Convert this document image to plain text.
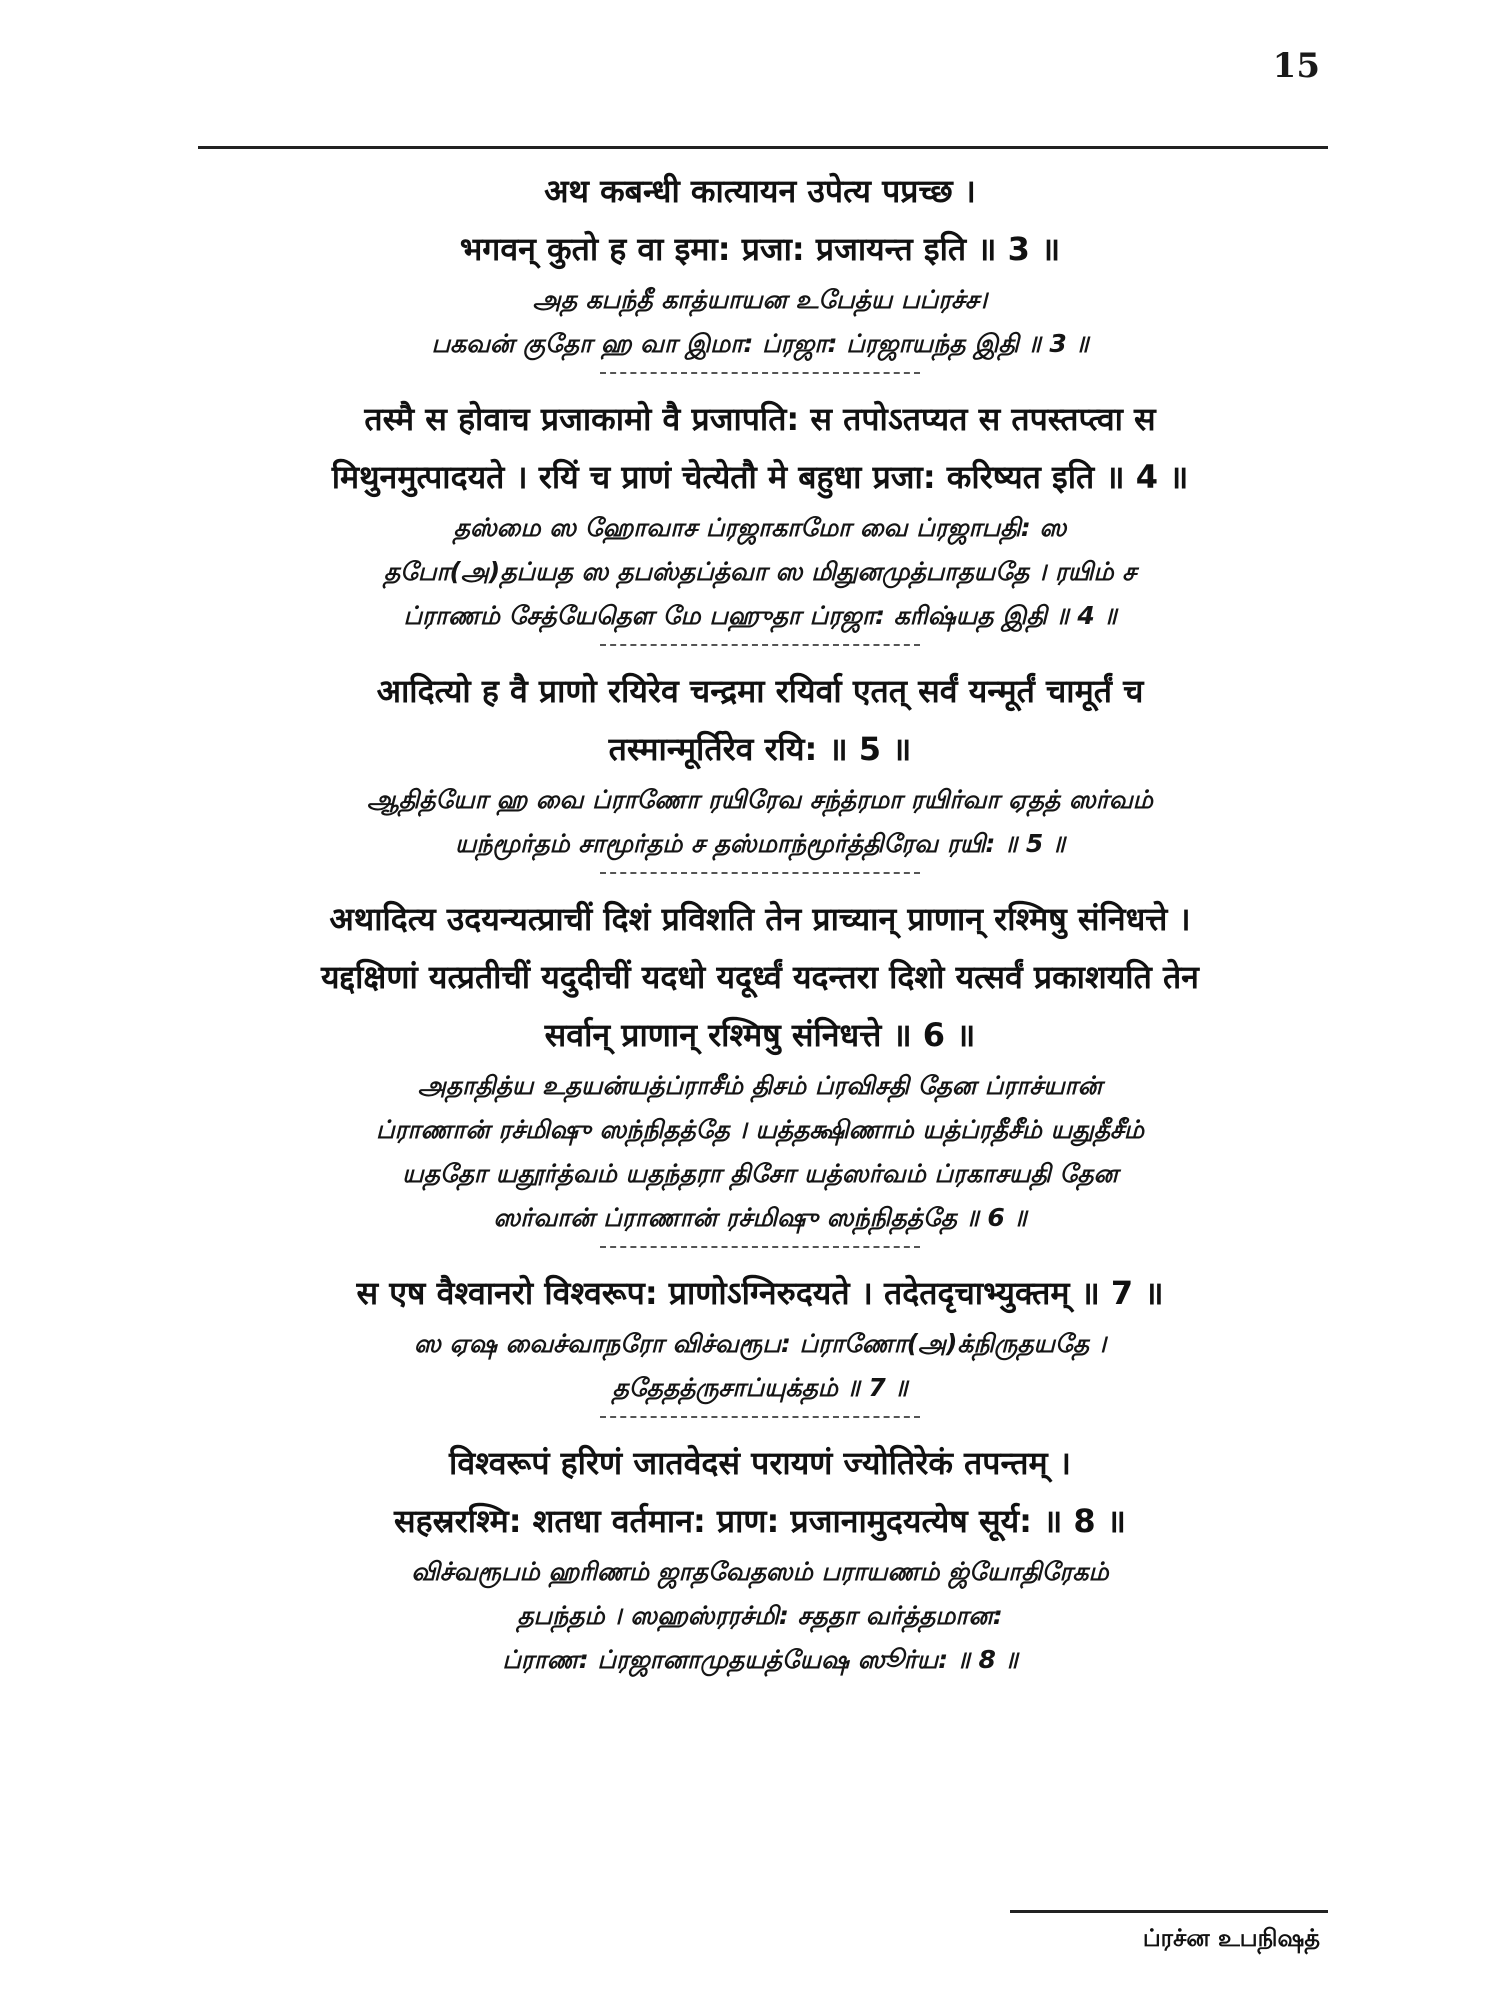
15
अथ कबन्धी कात्यायन उपेत्य पप्रच्छ ।
भगवन् कुतो ह वा इमा: प्रजा: प्रजायन्त इति ॥ 3 ॥
அத கபந்தீ காத்யாயன உபேத்ய பப்ரச்ச।
பகவன் குதோ ஹ வா இமா: ப்ரஜா: ப்ரஜாயந்த இதி ॥ 3 ॥
तस्मै स होवाच प्रजाकामो वै प्रजापति: स तपोऽतप्यत स तपस्तप्त्वा स
मिथुनमुत्पादयते । रयिं च प्राणं चेत्येतौ मे बहुधा प्रजा: करिष्यत इति ॥ 4 ॥
தஸ்மை ஸ ஹோவாச ப்ரஜாகாமோ வை ப்ரஜாபதி: ஸ
தபோ(அ)தப்யத ஸ தபஸ்தப்த்வா ஸ மிதுனமுத்பாதயதே । ரயிம் ச
ப்ராணம் சேத்யேதௌ மே பஹுதா ப்ரஜா: கரிஷ்யத இதி ॥ 4 ॥
आदित्यो ह वै प्राणो रयिरेव चन्द्रमा रयिर्वा एतत् सर्वं यन्मूर्तं चामूर्तं च
तस्मान्मूर्तिरेव रयि: ॥ 5 ॥
ஆதித்யோ ஹ வை ப்ராணோ ரயிரேவ சந்த்ரமா ரயிர்வா ஏதத் ஸர்வம்
யந்மூர்தம் சாமூர்தம் ச தஸ்மாந்மூர்த்திரேவ ரயி: ॥ 5 ॥
अथादित्य उदयन्यत्प्राचीं दिशं प्रविशति तेन प्राच्यान् प्राणान् रश्मिषु संनिधत्ते ।
यद्दक्षिणां यत्प्रतीचीं यदुदीचीं यदधो यदूर्ध्वं यदन्तरा दिशो यत्सर्वं प्रकाशयति तेन
सर्वान् प्राणान् रश्मिषु संनिधत्ते ॥ 6 ॥
அதாதித்ய உதயன்யத்ப்ராசீம் திசம் ப்ரவிசதி தேன ப்ராச்யான்
ப்ராணான் ரச்மிஷு ஸந்நிதத்தே । யத்தக்ஷிணாம் யத்ப்ரதீசீம் யதுதீசீம்
யததோ யதூர்த்வம் யதந்தரா திசோ யத்ஸர்வம் ப்ரகாசயதி தேன
ஸர்வான் ப்ராணான் ரச்மிஷு ஸந்நிதத்தே ॥ 6 ॥
स एष वैश्वानरो विश्वरूप: प्राणोऽग्निरुदयते । तदेतदृचाभ्युक्तम् ॥ 7 ॥
ஸ ஏஷ வைச்வாநரோ விச்வரூப: ப்ராணோ(அ)க்நிருதயதே ।
ததேதத்ருசாப்யுக்தம் ॥ 7 ॥
विश्वरूपं हरिणं जातवेदसं परायणं ज्योतिरेकं तपन्तम् ।
सहस्ररश्मि: शतधा वर्तमान: प्राण: प्रजानामुदयत्येष सूर्य: ॥ 8 ॥
விச்வரூபம் ஹரிணம் ஜாதவேதஸம் பராயணம் ஜ்யோதிரேகம்
தபந்தம் । ஸஹஸ்ரரச்மி: சததா வர்த்தமான:
ப்ராண: ப்ரஜானாமுதயத்யேஷ ஸூர்ய: ॥ 8 ॥
ப்ரச்ன உபநிஷத்
